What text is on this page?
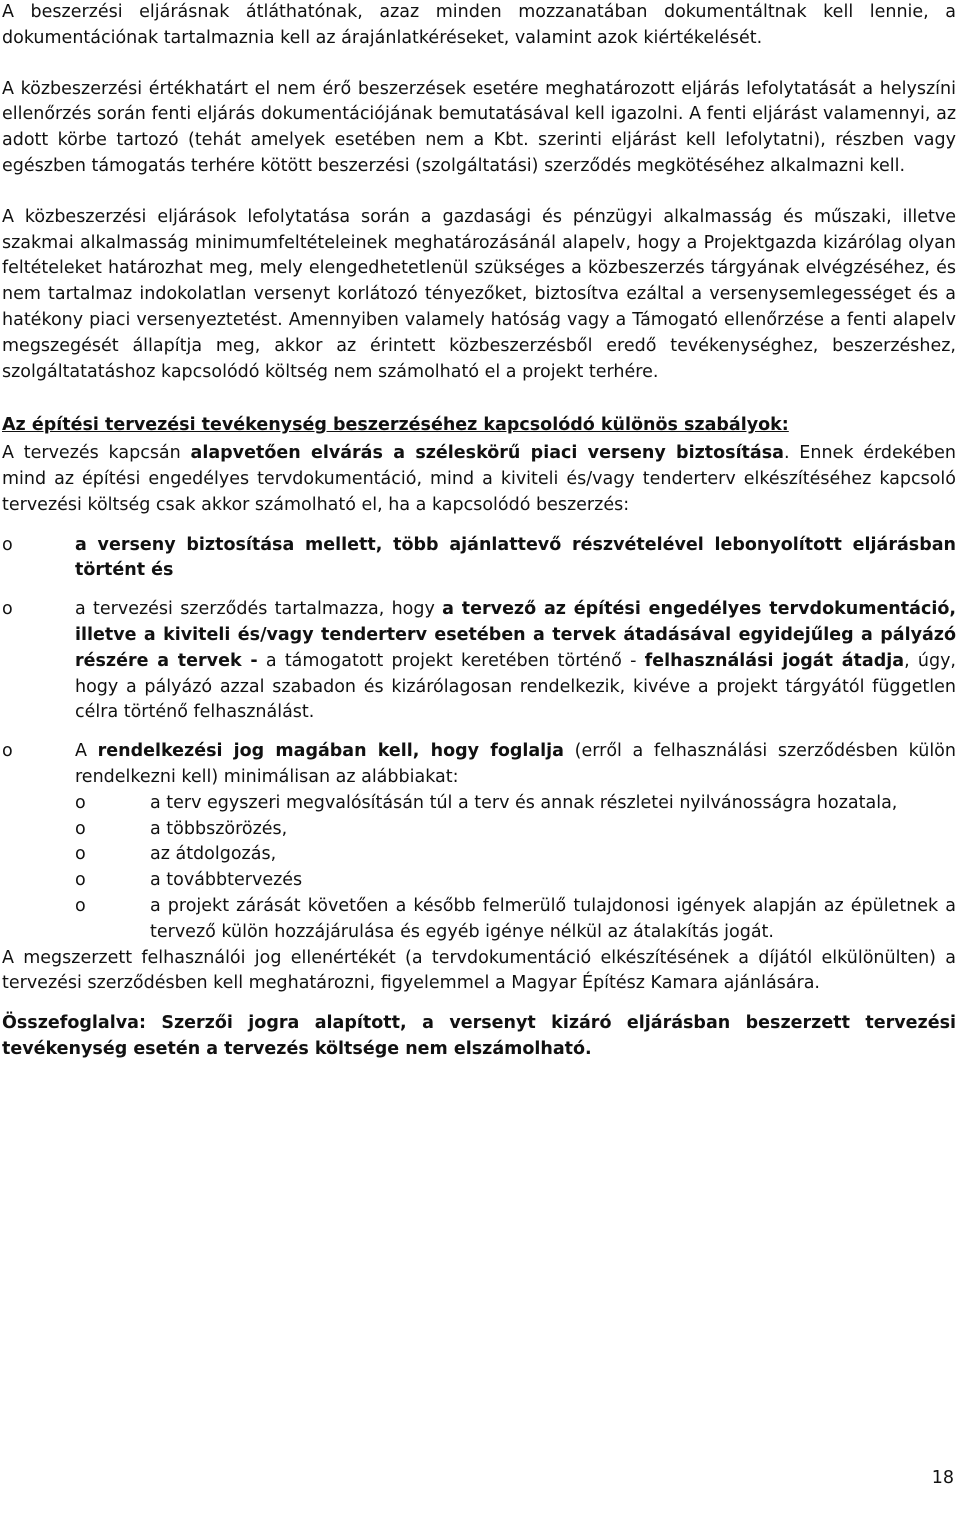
A beszerzési eljárásnak átláthatónak, azaz minden mozzanatában dokumentáltnak kell lennie, a dokumentációnak tartalmaznia kell az árajánlatkéréseket, valamint azok kiértékelését.

A közbeszerzési értékhatárt el nem érő beszerzések esetére meghatározott eljárás lefolytatását a helyszíni ellenőrzés során fenti eljárás dokumentációjának bemutatásával kell igazolni. A fenti eljárást valamennyi, az adott körbe tartozó (tehát amelyek esetében nem a Kbt. szerinti eljárást kell lefolytatni), részben vagy egészben támogatás terhére kötött beszerzési (szolgáltatási) szerződés megkötéséhez alkalmazni kell.

A közbeszerzési eljárások lefolytatása során a gazdasági és pénzügyi alkalmasság és műszaki, illetve szakmai alkalmasság minimumfeltételeinek meghatározásánál alapelv, hogy a Projektgazda kizárólag olyan feltételeket határozhat meg, mely elengedhetetlenül szükséges a közbeszerzés tárgyának elvégzéséhez, és nem tartalmaz indokolatlan versenyt korlátozó tényezőket, biztosítva ezáltal a versenysemlegességet és a hatékony piaci versenyeztetést. Amennyiben valamely hatóság vagy a Támogató ellenőrzése a fenti alapelv megszegését állapítja meg, akkor az érintett közbeszerzésből eredő tevékenységhez, beszerzéshez, szolgáltatatáshoz kapcsolódó költség nem számolható el a projekt terhére.

Az építési tervezési tevékenység beszerzéséhez kapcsolódó különös szabályok:

A tervezés kapcsán alapvetően elvárás a széleskörű piaci verseny biztosítása. Ennek érdekében mind az építési engedélyes tervdokumentáció, mind a kiviteli és/vagy tenderterv elkészítéséhez kapcsoló tervezési költség csak akkor számolható el, ha a kapcsolódó beszerzés:

o a verseny biztosítása mellett, több ajánlattevő részvételével lebonyolított eljárásban történt és
o a tervezési szerződés tartalmazza, hogy a tervező az építési engedélyes tervdokumentáció, illetve a kiviteli és/vagy tenderterv esetében a tervek átadásával egyidejűleg a pályázó részére a tervek - a támogatott projekt keretében történő - felhasználási jogát átadja, úgy, hogy a pályázó azzal szabadon és kizárólagosan rendelkezik, kivéve a projekt tárgyától független célra történő felhasználást.
o A rendelkezési jog magában kell, hogy foglalja (erről a felhasználási szerződésben külön rendelkezni kell) minimálisan az alábbiakat:
o a terv egyszeri megvalósításán túl a terv és annak részletei nyilvánosságra hozatala,
o a többszörözés,
o az átdolgozás,
o a továbbtervezés
o a projekt zárását követően a később felmerülő tulajdonosi igények alapján az épületnek a tervező külön hozzájárulása és egyéb igénye nélkül az átalakítás jogát.

A megszerzett felhasználói jog ellenértékét (a tervdokumentáció elkészítésének a díjától elkülönülten) a tervezési szerződésben kell meghatározni, figyelemmel a Magyar Építész Kamara ajánlására.

Összefoglalva: Szerzői jogra alapított, a versenyt kizáró eljárásban beszerzett tervezési tevékenység esetén a tervezés költsége nem elszámolható.

18
